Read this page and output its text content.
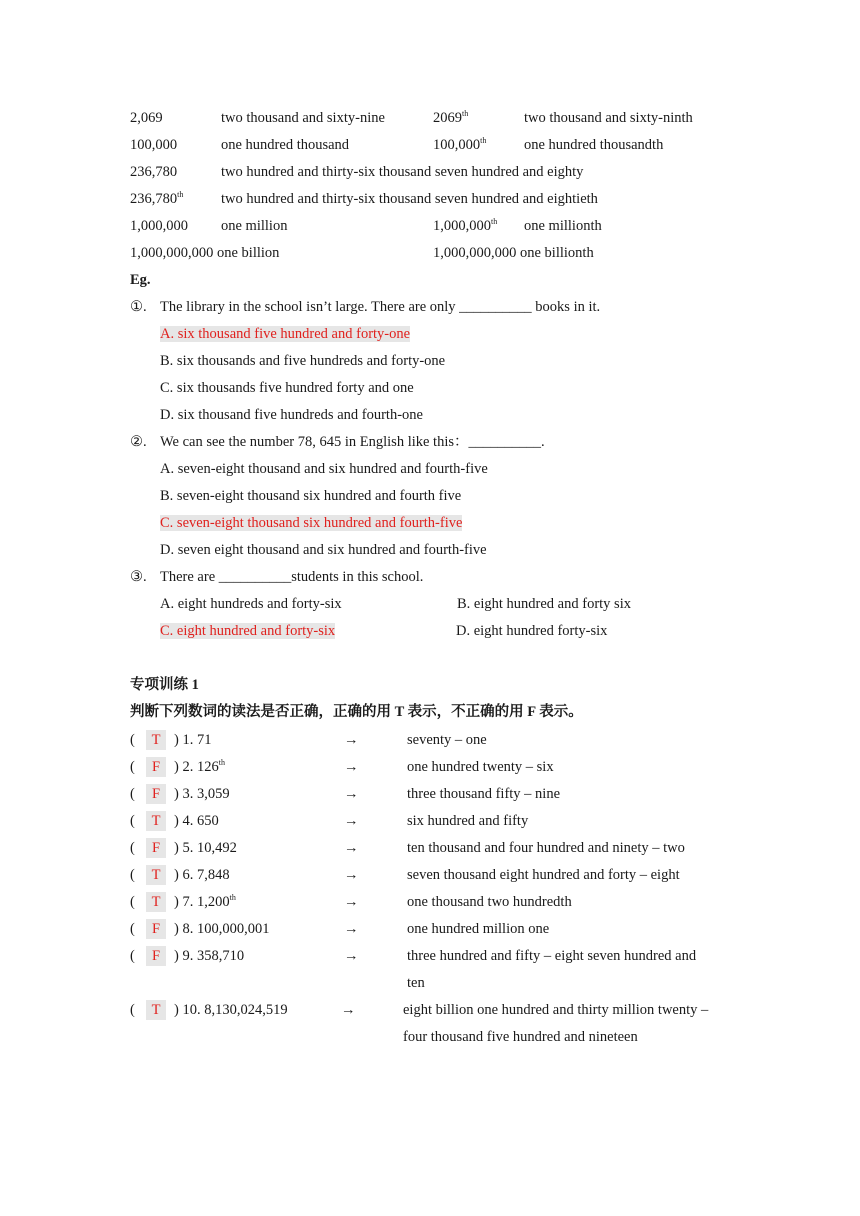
2,069	two thousand and sixty-nine	2069th	two thousand and sixty-ninth
100,000	one hundred thousand	100,000th	one hundred thousandth
236,780	two hundred and thirty-six thousand seven hundred and eighty
236,780th	two hundred and thirty-six thousand seven hundred and eightieth
1,000,000 one million	1,000,000th one millionth
1,000,000,000 one billion	1,000,000,000 one billionth
Eg.
①. The library in the school isn’t large. There are only __________ books in it.
A. six thousand five hundred and forty-one
B. six thousands and five hundreds and forty-one
C. six thousands five hundred forty and one
D. six thousand five hundreds and fourth-one
②. We can see the number 78, 645 in English like this：__________.
A. seven-eight thousand and six hundred and fourth-five
B. seven-eight thousand six hundred and fourth five
C. seven-eight thousand six hundred and fourth-five
D. seven eight thousand and six hundred and fourth-five
③. There are __________students in this school.
A. eight hundreds and forty-six	B. eight hundred and forty six
C. eight hundred and forty-six	D. eight hundred forty-six
专项训练 1
判断下列数词的读法是否正确，正确的用 T 表示，不正确的用 F 表示。
(	T ) 1. 71	→	seventy – one
(	F ) 2. 126th	→	one hundred twenty – six
(	F ) 3. 3,059	→	three thousand fifty – nine
(	T ) 4. 650	→	six hundred and fifty
(	F ) 5. 10,492	→	ten thousand and four hundred and ninety – two
(	T ) 6. 7,848	→	seven thousand eight hundred and forty – eight
(	T ) 7. 1,200th	→	one thousand two hundredth
(	F ) 8. 100,000,001	→	one hundred million one
(	F ) 9. 358,710	→	three hundred and fifty – eight seven hundred and
ten
(	T ) 10. 8,130,024,519	→	eight billion one hundred and thirty million twenty –
four thousand five hundred and nineteen
